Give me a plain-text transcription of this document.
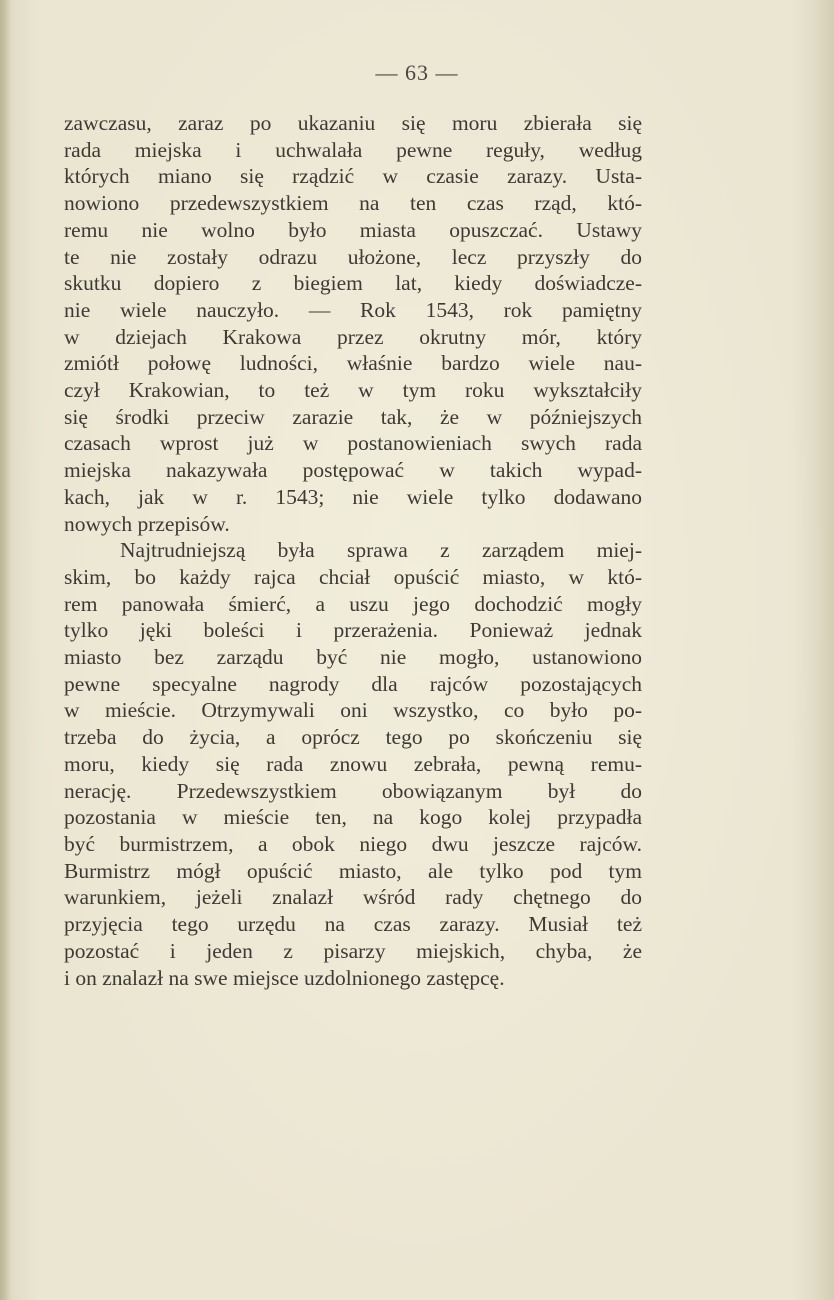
— 63 —
zawczasu, zaraz po ukazaniu się moru zbierała się
rada miejska i uchwalała pewne reguły, według
których miano się rządzić w czasie zarazy. Usta-
nowiono przedewszystkiem na ten czas rząd, któ-
remu nie wolno było miasta opuszczać. Ustawy
te nie zostały odrazu ułożone, lecz przyszły do
skutku dopiero z biegiem lat, kiedy doświadcze-
nie wiele nauczyło. — Rok 1543, rok pamiętny
w dziejach Krakowa przez okrutny mór, który
zmiótł połowę ludności, właśnie bardzo wiele nau-
czył Krakowian, to też w tym roku wykształciły
się środki przeciw zarazie tak, że w późniejszych
czasach wprost już w postanowieniach swych rada
miejska nakazywała postępować w takich wypad-
kach, jak w r. 1543; nie wiele tylko dodawano
nowych przepisów.
Najtrudniejszą była sprawa z zarządem miej-
skim, bo każdy rajca chciał opuścić miasto, w któ-
rem panowała śmierć, a uszu jego dochodzić mogły
tylko jęki boleści i przerażenia. Ponieważ jednak
miasto bez zarządu być nie mogło, ustanowiono
pewne specyalne nagrody dla rajców pozostających
w mieście. Otrzymywali oni wszystko, co było po-
trzeba do życia, a oprócz tego po skończeniu się
moru, kiedy się rada znowu zebrała, pewną remu-
nerację. Przedewszystkiem obowiązanym był do
pozostania w mieście ten, na kogo kolej przypadła
być burmistrzem, a obok niego dwu jeszcze rajców.
Burmistrz mógł opuścić miasto, ale tylko pod tym
warunkiem, jeżeli znalazł wśród rady chętnego do
przyjęcia tego urzędu na czas zarazy. Musiał też
pozostać i jeden z pisarzy miejskich, chyba, że
i on znalazł na swe miejsce uzdolnionego zastępcę.
